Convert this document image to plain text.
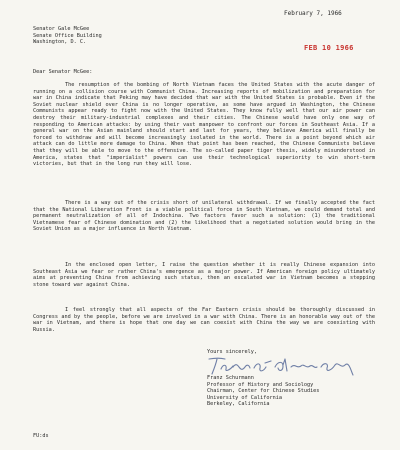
February 7, 1966
FEB 10 1966
Senator Gale McGee
Senate Office Building
Washington, D. C.
Dear Senator McGee:

The resumption of the bombing of North Vietnam faces the United States with the acute danger of running on a collision course with Communist China. Increasing reports of mobilization and preparation for war in China indicate that Peking may have decided that war with the United States is probable. Even if the Soviet nuclear shield over China is no longer operative, as some have argued in Washington, the Chinese Communists appear ready to fight now with the United States. They know fully well that our air power can destroy their military-industrial complexes and their cities. The Chinese would have only one way of responding to American attacks: by using their vast manpower to confront our forces in Southeast Asia. If a general war on the Asian mainland should start and last for years, they believe America will finally be forced to withdraw and will become increasingly isolated in the world. There is a point beyond which air attack can do little more damage to China. When that point has been reached, the Chinese Communists believe that they will be able to move to the offensive. The so-called paper tiger thesis, widely misunderstood in America, states that "imperialist" powers can use their technological superiority to win short-term victories, but that in the long run they will lose.

There is a way out of the crisis short of unilateral withdrawal. If we finally accepted the fact that the National Liberation Front is a viable political force in South Vietnam, we could demand total and permanent neutralization of all of Indochina. Two factors favor such a solution: (1) the traditional Vietnamese fear of Chinese domination and (2) the likelihood that a negotiated solution would bring in the Soviet Union as a major influence in North Vietnam.

In the enclosed open letter, I raise the question whether it is really Chinese expansion into Southeast Asia we fear or rather China's emergence as a major power. If American foreign policy ultimately aims at preventing China from achieving such status, then an escalated war in Vietnam becomes a stepping stone toward war against China.

I feel strongly that all aspects of the Far Eastern crisis should be thoroughly discussed in Congress and by the people, before we are involved in a war with China. There is an honorable way out of the war in Vietnam, and there is hope that one day we can coexist with China the way we are coexisting with Russia.

Yours sincerely,
Franz Schurmann
Professor of History and Sociology
Chairman, Center for Chinese Studies
University of California
Berkeley, California
FU:ds
